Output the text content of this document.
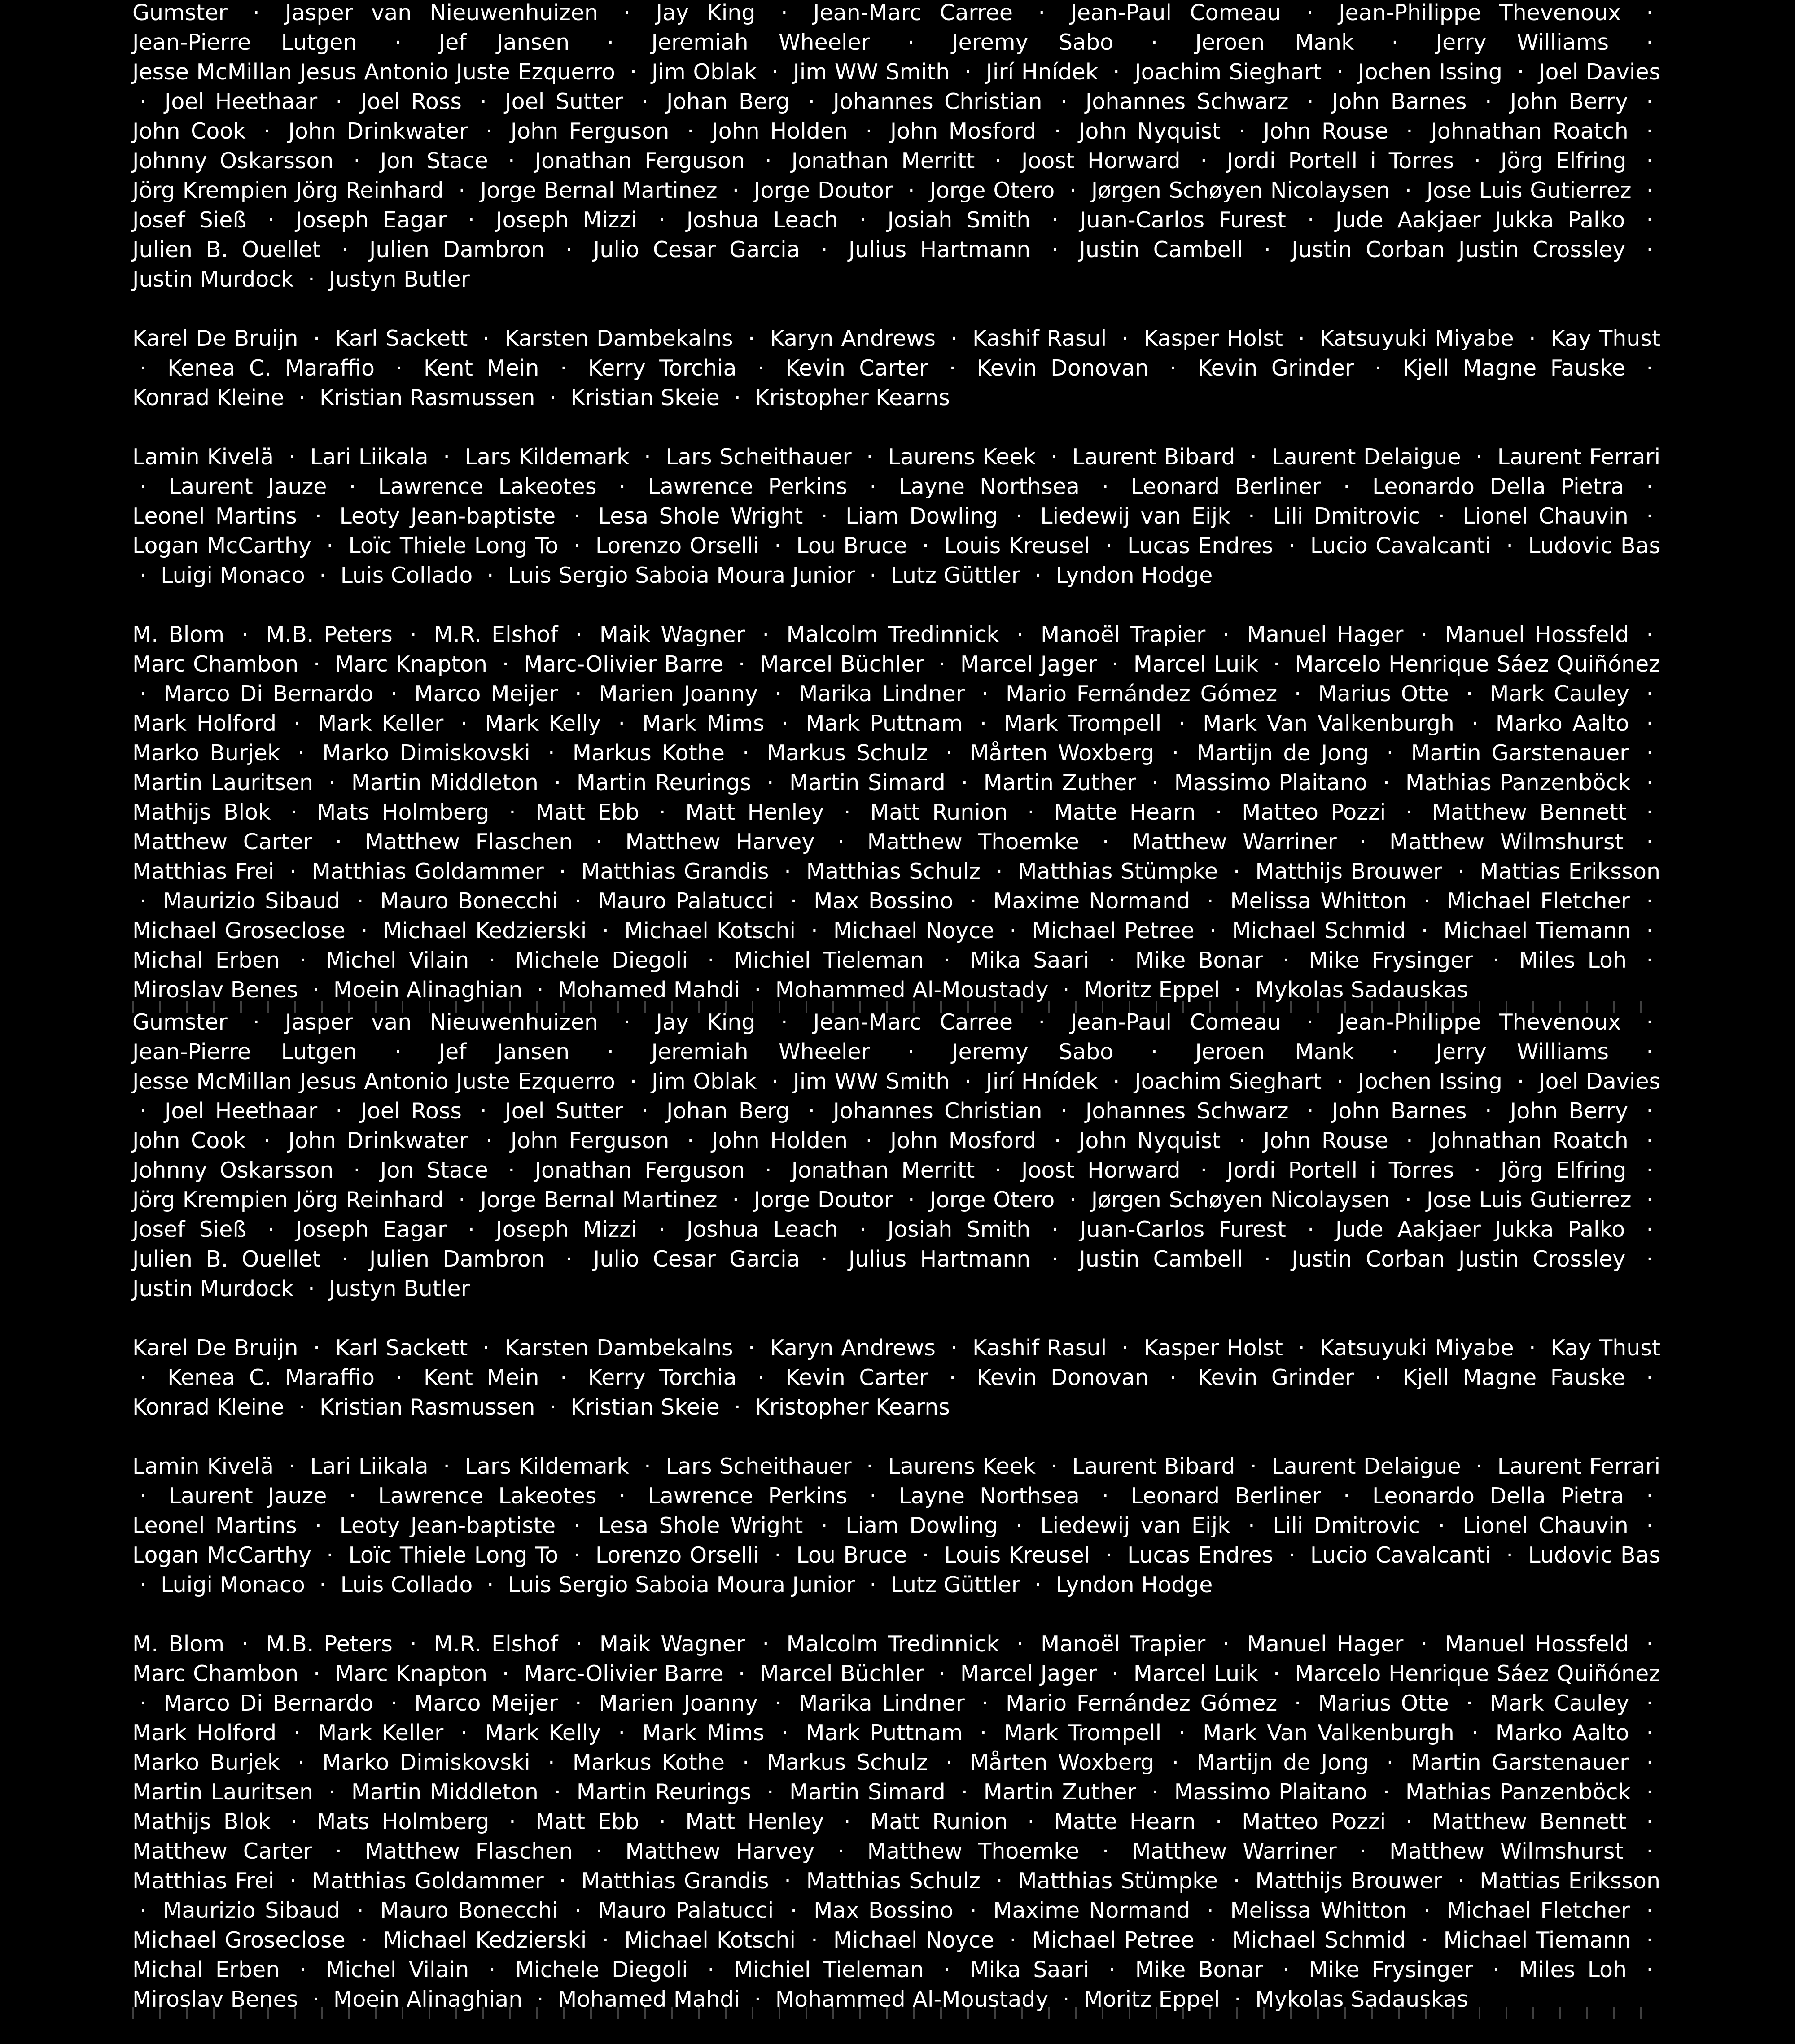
Gumster · Jasper van Nieuwenhuizen · Jay King · Jean-Marc Carree · Jean-Paul Comeau · Jean-Philippe Thevenoux · Jean-Pierre Lutgen · Jef Jansen · Jeremiah Wheeler · Jeremy Sabo · Jeroen Mank · Jerry Williams · Jesse McMillan Jesus Antonio Juste Ezquerro · Jim Oblak · Jim WW Smith · Jirí Hnídek · Joachim Sieghart · Jochen Issing · Joel Davies · Joel Heethaar · Joel Ross · Joel Sutter · Johan Berg · Johannes Christian · Johannes Schwarz · John Barnes · John Berry · John Cook · John Drinkwater · John Ferguson · John Holden · John Mosford · John Nyquist · John Rouse · Johnathan Roatch · Johnny Oskarsson · Jon Stace · Jonathan Ferguson · Jonathan Merritt · Joost Horward · Jordi Portell i Torres · Jörg Elfring · Jörg Krempien Jörg Reinhard · Jorge Bernal Martinez · Jorge Doutor · Jorge Otero · Jørgen Schøyen Nicolaysen · Jose Luis Gutierrez · Josef Sieß · Joseph Eagar · Joseph Mizzi · Joshua Leach · Josiah Smith · Juan-Carlos Furest · Jude Aakjaer Jukka Palko · Julien B. Ouellet · Julien Dambron · Julio Cesar Garcia · Julius Hartmann · Justin Cambell · Justin Corban Justin Crossley · Justin Murdock · Justyn Butler

Karel De Bruijn · Karl Sackett · Karsten Dambekalns · Karyn Andrews · Kashif Rasul · Kasper Holst · Katsuyuki Miyabe · Kay Thust · Kenea C. Maraffio · Kent Mein · Kerry Torchia · Kevin Carter · Kevin Donovan · Kevin Grinder · Kjell Magne Fauske · Konrad Kleine · Kristian Rasmussen · Kristian Skeie · Kristopher Kearns

Lamin Kivelä · Lari Liikala · Lars Kildemark · Lars Scheithauer · Laurens Keek · Laurent Bibard · Laurent Delaigue · Laurent Ferrari · Laurent Jauze · Lawrence Lakeotes · Lawrence Perkins · Layne Northsea · Leonard Berliner · Leonardo Della Pietra · Leonel Martins · Leoty Jean-baptiste · Lesa Shole Wright · Liam Dowling · Liedewij van Eijk · Lili Dmitrovic · Lionel Chauvin · Logan McCarthy · Loïc Thiele Long To · Lorenzo Orselli · Lou Bruce · Louis Kreusel · Lucas Endres · Lucio Cavalcanti · Ludovic Bas · Luigi Monaco · Luis Collado · Luis Sergio Saboia Moura Junior · Lutz Güttler · Lyndon Hodge

M. Blom · M.B. Peters · M.R. Elshof · Maik Wagner · Malcolm Tredinnick · Manoël Trapier · Manuel Hager · Manuel Hossfeld · Marc Chambon · Marc Knapton · Marc-Olivier Barre · Marcel Büchler · Marcel Jager · Marcel Luik · Marcelo Henrique Sáez Quiñónez · Marco Di Bernardo · Marco Meijer · Marien Joanny · Marika Lindner · Mario Fernández Gómez · Marius Otte · Mark Cauley · Mark Holford · Mark Keller · Mark Kelly · Mark Mims · Mark Puttnam · Mark Trompell · Mark Van Valkenburgh · Marko Aalto · Marko Burjek · Marko Dimiskovski · Markus Kothe · Markus Schulz · Mårten Woxberg · Martijn de Jong · Martin Garstenauer · Martin Lauritsen · Martin Middleton · Martin Reurings · Martin Simard · Martin Zuther · Massimo Plaitano · Mathias Panzenböck · Mathijs Blok · Mats Holmberg · Matt Ebb · Matt Henley · Matt Runion · Matte Hearn · Matteo Pozzi · Matthew Bennett · Matthew Carter · Matthew Flaschen · Matthew Harvey · Matthew Thoemke · Matthew Warriner · Matthew Wilmshurst · Matthias Frei · Matthias Goldammer · Matthias Grandis · Matthias Schulz · Matthias Stümpke · Matthijs Brouwer · Mattias Eriksson · Maurizio Sibaud · Mauro Bonecchi · Mauro Palatucci · Max Bossino · Maxime Normand · Melissa Whitton · Michael Fletcher · Michael Groseclose · Michael Kedzierski · Michael Kotschi · Michael Noyce · Michael Petree · Michael Schmid · Michael Tiemann · Michal Erben · Michel Vilain · Michele Diegoli · Michiel Tieleman · Mika Saari · Mike Bonar · Mike Frysinger · Miles Loh · Miroslav Benes · Moein Alinaghian · Mohamed Mahdi · Mohammed Al-Moustady · Moritz Eppel · Mykolas Sadauskas

Gumster · Jasper van Nieuwenhuizen · Jay King · Jean-Marc Carree · Jean-Paul Comeau · Jean-Philippe Thevenoux · Jean-Pierre Lutgen · Jef Jansen · Jeremiah Wheeler · Jeremy Sabo · Jeroen Mank · Jerry Williams · Jesse McMillan Jesus Antonio Juste Ezquerro · Jim Oblak · Jim WW Smith · Jirí Hnídek · Joachim Sieghart · Jochen Issing · Joel Davies · Joel Heethaar · Joel Ross · Joel Sutter · Johan Berg · Johannes Christian · Johannes Schwarz · John Barnes · John Berry · John Cook · John Drinkwater · John Ferguson · John Holden · John Mosford · John Nyquist · John Rouse · Johnathan Roatch · Johnny Oskarsson · Jon Stace · Jonathan Ferguson · Jonathan Merritt · Joost Horward · Jordi Portell i Torres · Jörg Elfring · Jörg Krempien Jörg Reinhard · Jorge Bernal Martinez · Jorge Doutor · Jorge Otero · Jørgen Schøyen Nicolaysen · Jose Luis Gutierrez · Josef Sieß · Joseph Eagar · Joseph Mizzi · Joshua Leach · Josiah Smith · Juan-Carlos Furest · Jude Aakjaer Jukka Palko · Julien B. Ouellet · Julien Dambron · Julio Cesar Garcia · Julius Hartmann · Justin Cambell · Justin Corban Justin Crossley · Justin Murdock · Justyn Butler

Karel De Bruijn · Karl Sackett · Karsten Dambekalns · Karyn Andrews · Kashif Rasul · Kasper Holst · Katsuyuki Miyabe · Kay Thust · Kenea C. Maraffio · Kent Mein · Kerry Torchia · Kevin Carter · Kevin Donovan · Kevin Grinder · Kjell Magne Fauske · Konrad Kleine · Kristian Rasmussen · Kristian Skeie · Kristopher Kearns

Lamin Kivelä · Lari Liikala · Lars Kildemark · Lars Scheithauer · Laurens Keek · Laurent Bibard · Laurent Delaigue · Laurent Ferrari · Laurent Jauze · Lawrence Lakeotes · Lawrence Perkins · Layne Northsea · Leonard Berliner · Leonardo Della Pietra · Leonel Martins · Leoty Jean-baptiste · Lesa Shole Wright · Liam Dowling · Liedewij van Eijk · Lili Dmitrovic · Lionel Chauvin · Logan McCarthy · Loïc Thiele Long To · Lorenzo Orselli · Lou Bruce · Louis Kreusel · Lucas Endres · Lucio Cavalcanti · Ludovic Bas · Luigi Monaco · Luis Collado · Luis Sergio Saboia Moura Junior · Lutz Güttler · Lyndon Hodge

M. Blom · M.B. Peters · M.R. Elshof · Maik Wagner · Malcolm Tredinnick · Manoël Trapier · Manuel Hager · Manuel Hossfeld · Marc Chambon · Marc Knapton · Marc-Olivier Barre · Marcel Büchler · Marcel Jager · Marcel Luik · Marcelo Henrique Sáez Quiñónez · Marco Di Bernardo · Marco Meijer · Marien Joanny · Marika Lindner · Mario Fernández Gómez · Marius Otte · Mark Cauley · Mark Holford · Mark Keller · Mark Kelly · Mark Mims · Mark Puttnam · Mark Trompell · Mark Van Valkenburgh · Marko Aalto · Marko Burjek · Marko Dimiskovski · Markus Kothe · Markus Schulz · Mårten Woxberg · Martijn de Jong · Martin Garstenauer · Martin Lauritsen · Martin Middleton · Martin Reurings · Martin Simard · Martin Zuther · Massimo Plaitano · Mathias Panzenböck · Mathijs Blok · Mats Holmberg · Matt Ebb · Matt Henley · Matt Runion · Matte Hearn · Matteo Pozzi · Matthew Bennett · Matthew Carter · Matthew Flaschen · Matthew Harvey · Matthew Thoemke · Matthew Warriner · Matthew Wilmshurst · Matthias Frei · Matthias Goldammer · Matthias Grandis · Matthias Schulz · Matthias Stümpke · Matthijs Brouwer · Mattias Eriksson · Maurizio Sibaud · Mauro Bonecchi · Mauro Palatucci · Max Bossino · Maxime Normand · Melissa Whitton · Michael Fletcher · Michael Groseclose · Michael Kedzierski · Michael Kotschi · Michael Noyce · Michael Petree · Michael Schmid · Michael Tiemann · Michal Erben · Michel Vilain · Michele Diegoli · Michiel Tieleman · Mika Saari · Mike Bonar · Mike Frysinger · Miles Loh · Miroslav Benes · Moein Alinaghian · Mohamed Mahdi · Mohammed Al-Moustady · Moritz Eppel · Mykolas Sadauskas
